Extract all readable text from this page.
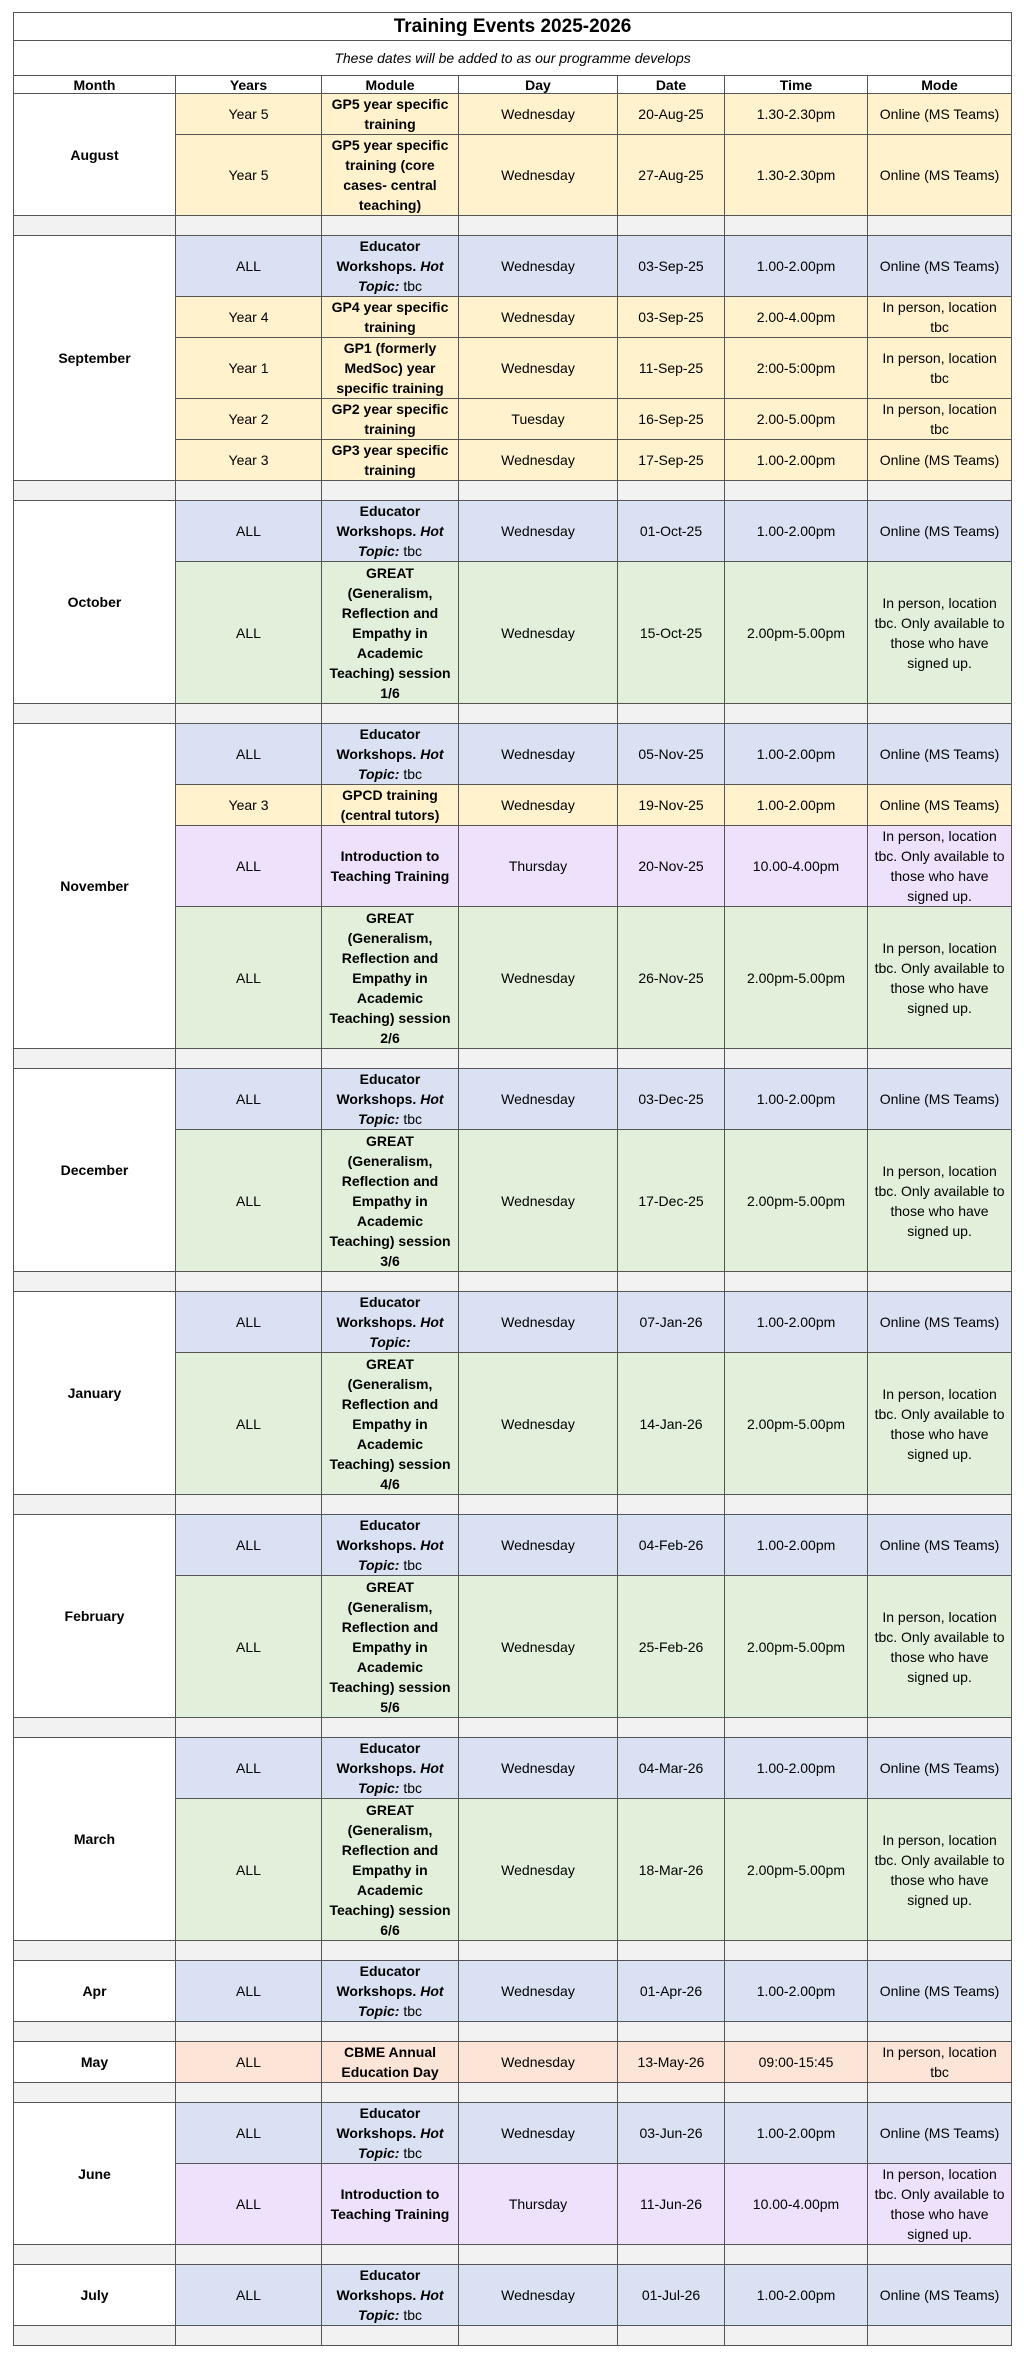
Training Events 2025-2026						
These dates will be added to as our programme develops						
Month	Years	Module	Day	Date	Time	Mode
August	Year 5	GP5 year specific training	Wednesday	20-Aug-25	1.30-2.30pm	Online (MS Teams)
	Year 5	GP5 year specific training (core cases- central teaching)	Wednesday	27-Aug-25	1.30-2.30pm	Online (MS Teams)

September	ALL	Educator Workshops. Hot Topic: tbc	Wednesday	03-Sep-25	1.00-2.00pm	Online (MS Teams)
	Year 4	GP4 year specific training	Wednesday	03-Sep-25	2.00-4.00pm	In person, location tbc
	Year 1	GP1 (formerly MedSoc) year specific training	Wednesday	11-Sep-25	2:00-5:00pm	In person, location tbc
	Year 2	GP2 year specific training	Tuesday	16-Sep-25	2.00-5.00pm	In person, location tbc
	Year 3	GP3 year specific training	Wednesday	17-Sep-25	1.00-2.00pm	Online (MS Teams)

October	ALL	Educator Workshops. Hot Topic: tbc	Wednesday	01-Oct-25	1.00-2.00pm	Online (MS Teams)
	ALL	GREAT (Generalism, Reflection and Empathy in Academic Teaching) session 1/6	Wednesday	15-Oct-25	2.00pm-5.00pm	In person, location tbc. Only available to those who have signed up.

November	ALL	Educator Workshops. Hot Topic: tbc	Wednesday	05-Nov-25	1.00-2.00pm	Online (MS Teams)
	Year 3	GPCD training (central tutors)	Wednesday	19-Nov-25	1.00-2.00pm	Online (MS Teams)
	ALL	Introduction to Teaching Training	Thursday	20-Nov-25	10.00-4.00pm	In person, location tbc. Only available to those who have signed up.
	ALL	GREAT (Generalism, Reflection and Empathy in Academic Teaching) session 2/6	Wednesday	26-Nov-25	2.00pm-5.00pm	In person, location tbc. Only available to those who have signed up.

December	ALL	Educator Workshops. Hot Topic: tbc	Wednesday	03-Dec-25	1.00-2.00pm	Online (MS Teams)
	ALL	GREAT (Generalism, Reflection and Empathy in Academic Teaching) session 3/6	Wednesday	17-Dec-25	2.00pm-5.00pm	In person, location tbc. Only available to those who have signed up.

January	ALL	Educator Workshops. Hot Topic:	Wednesday	07-Jan-26	1.00-2.00pm	Online (MS Teams)
	ALL	GREAT (Generalism, Reflection and Empathy in Academic Teaching) session 4/6	Wednesday	14-Jan-26	2.00pm-5.00pm	In person, location tbc. Only available to those who have signed up.

February	ALL	Educator Workshops. Hot Topic: tbc	Wednesday	04-Feb-26	1.00-2.00pm	Online (MS Teams)
	ALL	GREAT (Generalism, Reflection and Empathy in Academic Teaching) session 5/6	Wednesday	25-Feb-26	2.00pm-5.00pm	In person, location tbc. Only available to those who have signed up.

March	ALL	Educator Workshops. Hot Topic: tbc	Wednesday	04-Mar-26	1.00-2.00pm	Online (MS Teams)
	ALL	GREAT (Generalism, Reflection and Empathy in Academic Teaching) session 6/6	Wednesday	18-Mar-26	2.00pm-5.00pm	In person, location tbc. Only available to those who have signed up.

Apr	ALL	Educator Workshops. Hot Topic: tbc	Wednesday	01-Apr-26	1.00-2.00pm	Online (MS Teams)

May	ALL	CBME Annual Education Day	Wednesday	13-May-26	09:00-15:45	In person, location tbc

June	ALL	Educator Workshops. Hot Topic: tbc	Wednesday	03-Jun-26	1.00-2.00pm	Online (MS Teams)
	ALL	Introduction to Teaching Training	Thursday	11-Jun-26	10.00-4.00pm	In person, location tbc. Only available to those who have signed up.

July	ALL	Educator Workshops. Hot Topic: tbc	Wednesday	01-Jul-26	1.00-2.00pm	Online (MS Teams)
